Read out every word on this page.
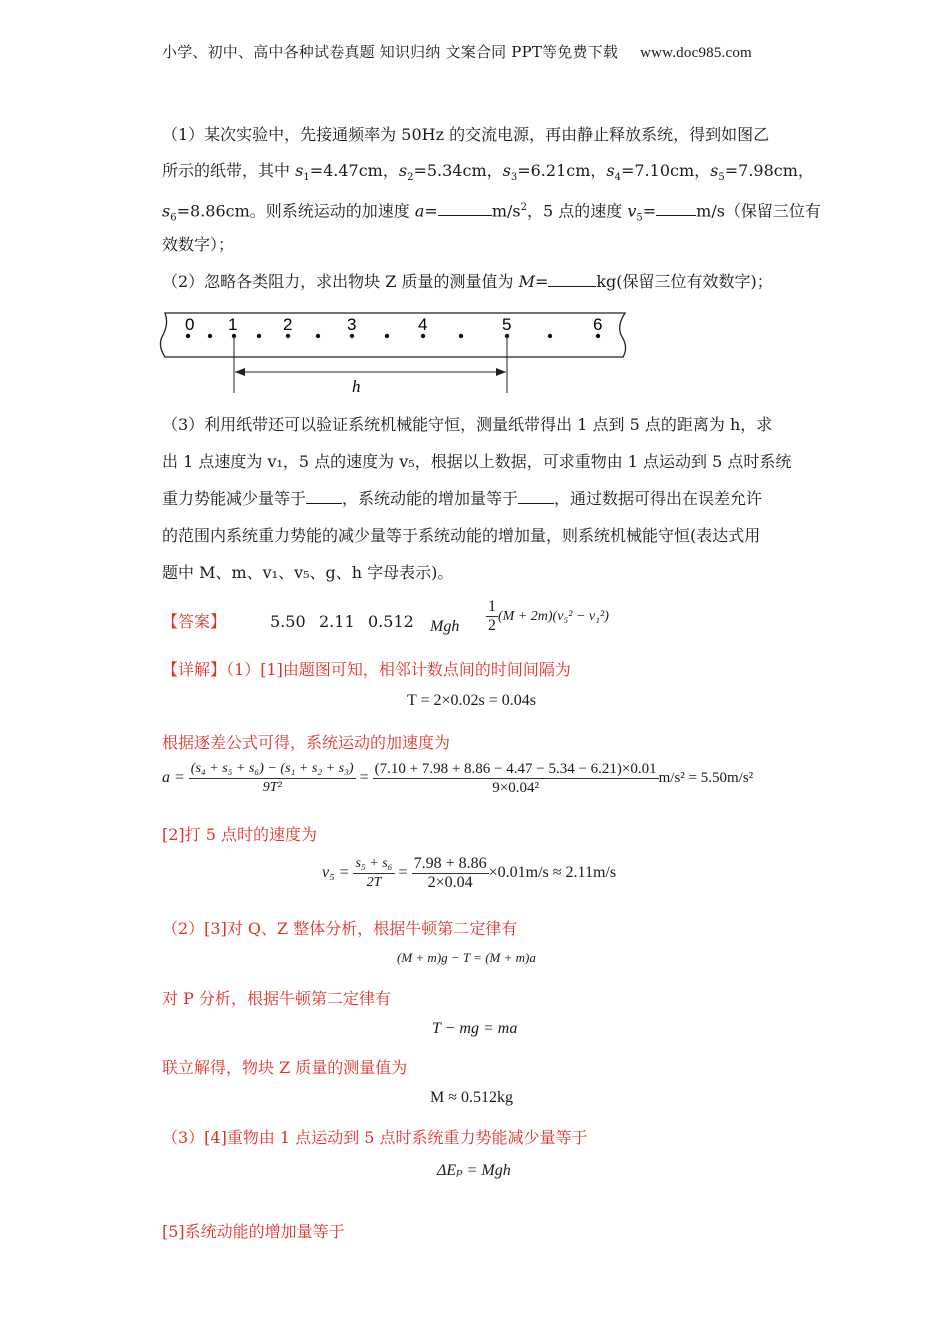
小学、初中、高中各种试卷真题 知识归纳 文案合同 PPT等免费下载 www.doc985.com
（1）某次实验中，先接通频率为 50Hz 的交流电源，再由静止释放系统，得到如图乙
所示的纸带，其中 $s_1=4.47cm$，$s_2=5.34cm$，$s_3=6.21cm$，$s_4=7.10cm$，$s_5=7.98cm$，
$s_6=8.86cm$。则系统运动的加速度 a=	$m/s^2$，5 点的速度 $v_5=$	m/s（保留三位有
效数字）；
（2）忽略各类阻力，求出物块 Z 质量的测量值为 M=	kg(保留三位有效数字)；
0 1	2	3	4	5	6
h
（3）利用纸带还可以验证系统机械能守恒，测量纸带得出 1 点到 5 点的距离为 h，求
出 1 点速度为 v₁，5 点的速度为 v₅，根据以上数据，可求重物由 1 点运动到 5 点时系统
重力势能减少量等于 ，系统动能的增加量等于 ，通过数据可得出在误差允许
的范围内系统重力势能的减少量等于系统动能的增加量，则系统机械能守恒(表达式用
题中 M、m、v₁、v₅、g、h 字母表示)。
【答案】	5.50 2.11 0.512 Mgh $\frac{1}{2} (M + 2m)(v_5^2 - v_1^2)$
【详解】（1）[1]由题图可知，相邻计数点间的时间间隔为
T = 2×0.02s = 0.04s
根据逐差公式可得，系统运动的加速度为
$a = \frac{\text{(s₄ + s₅ + s₆) − (s₁ + s₂ + s₃)}}{\text{9T²}} = \frac{(7.10 + 7.98 + 8.86 - 4.47 - 5.34 - 6.21)\times 0.01}{\text{9×0.04²}} m/s^2 = 5.50m/s^2$
[2]打 5 点时的速度为
$v_5 = \frac{\text{s₅ + s₆}}{2T} = \frac{7.98 + 8.86}{2\times 0.04} \times 0.01m/s \approx 2.11m/s$
（2）[3]对 Q、Z 整体分析，根据牛顿第二定律有
(M + m)g − T = (M + m)a
对 P 分析，根据牛顿第二定律有
T − mg = ma
联立解得，物块 Z 质量的测量值为
M ≈ 0.512kg
（3）[4]重物由 1 点运动到 5 点时系统重力势能减少量等于
ΔEₚ = Mgh
[5]系统动能的增加量等于
